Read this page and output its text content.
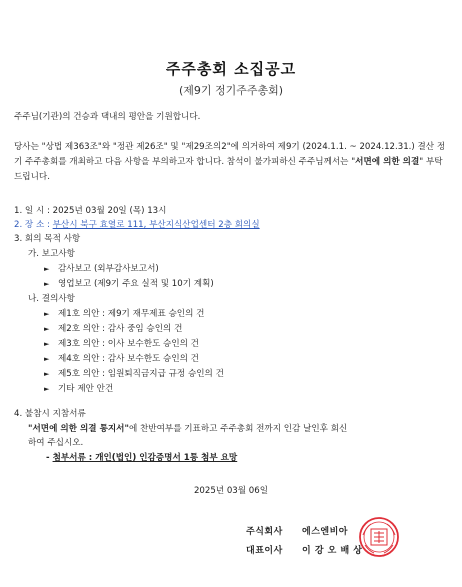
주주총회 소집공고
(제9기 정기주주총회)
주주님(기관)의 건승과 댁내의 평안을 기원합니다.
당사는 "상법 제363조"와 "정관 제26조" 및 "제29조의2"에 의거하여 제9기 (2024.1.1. ~ 2024.12.31.) 결산 정기 주주총회를 개최하고 다음 사항을 부의하고자 합니다. 참석이 불가피하신 주주님께서는 "서면에 의한 의결" 부탁드립니다.
1. 일 시 : 2025년 03월 20일 (목) 13시
2. 장 소 : 부산시 북구 효열로 111, 부산지식산업센터 2층 회의실
3. 회의 목적 사항
가. 보고사항
► 감사보고 (외부감사보고서)
► 영업보고 (제9기 주요 실적 및 10기 계획)
나. 결의사항
► 제1호 의안 : 제9기 재무제표 승인의 건
► 제2호 의안 : 감사 중임 승인의 건
► 제3호 의안 : 이사 보수한도 승인의 건
► 제4호 의안 : 감사 보수한도 승인의 건
► 제5호 의안 : 임원퇴직금지급 규정 승인의 건
► 기타 제안 안건
4. 불참시 지참서류
"서면에 의한 의결 통지서"에 찬반여부를 기표하고 주주총회 전까지 인감 날인후 회신
하여 주십시오.
- 첨부서류 : 개인(법인) 인감증명서 1통 첨부 요망
2025년 03월 06일
주식회사 에스엔비아
대표이사 이 강 오 배 상
